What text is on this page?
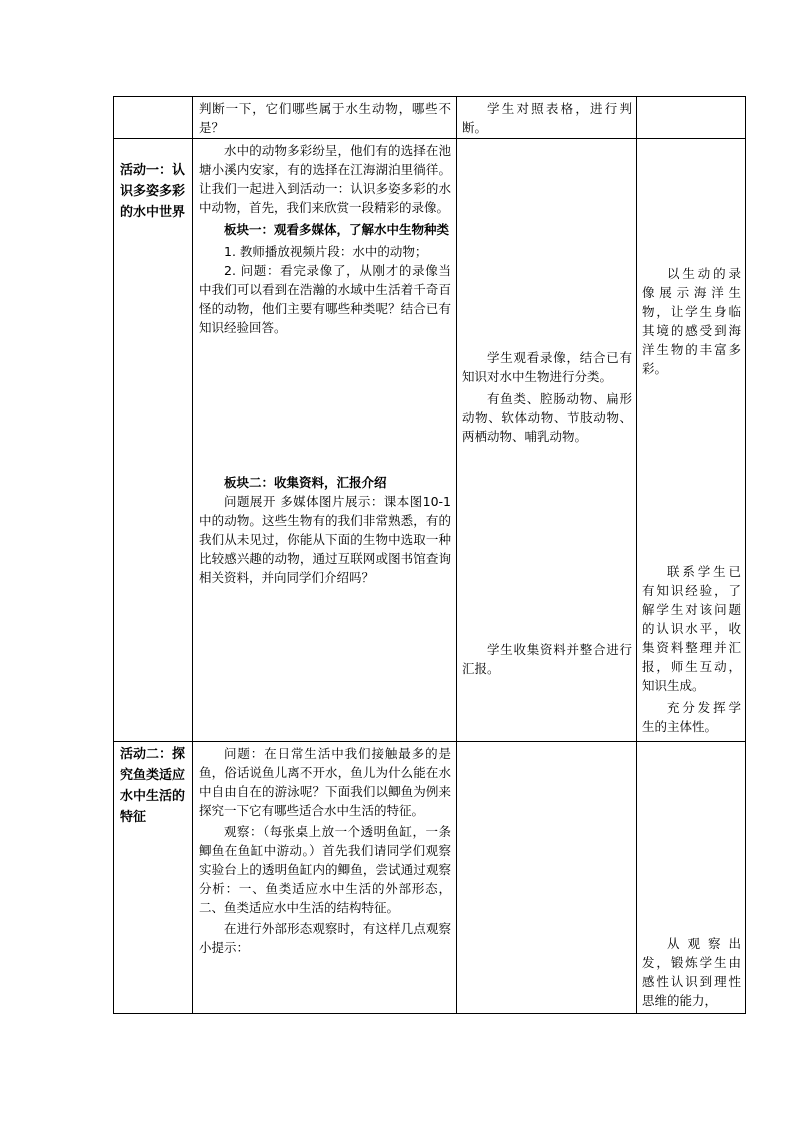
判断一下，它们哪些属于水生动物，哪些不是？

学生对照表格，进行判断。

活动一：认识多姿多彩的水中世界

水中的动物多彩纷呈，他们有的选择在池塘小溪内安家，有的选择在江海湖泊里徜徉。让我们一起进入到活动一：认识多姿多彩的水中动物，首先，我们来欣赏一段精彩的录像。

板块一：观看多媒体，了解水中生物种类

1. 教师播放视频片段：水中的动物；

2. 问题：看完录像了，从刚才的录像当中我们可以看到在浩瀚的水域中生活着千奇百怪的动物，他们主要有哪些种类呢？结合已有知识经验回答。

板块二：收集资料，汇报介绍

问题展开 多媒体图片展示：课本图10-1中的动物。这些生物有的我们非常熟悉，有的我们从未见过，你能从下面的生物中选取一种比较感兴趣的动物，通过互联网或图书馆查询相关资料，并向同学们介绍吗？

学生观看录像，结合已有知识对水中生物进行分类。

有鱼类、腔肠动物、扁形动物、软体动物、节肢动物、两栖动物、哺乳动物。

学生收集资料并整合进行汇报。

以生动的录像展示海洋生物，让学生身临其境的感受到海洋生物的丰富多彩。

联系学生已有知识经验，了解学生对该问题的认识水平，收集资料整理并汇报，师生互动，知识生成。

充分发挥学生的主体性。

活动二：探究鱼类适应水中生活的特征

问题：在日常生活中我们接触最多的是鱼，俗话说鱼儿离不开水，鱼儿为什么能在水中自由自在的游泳呢？下面我们以鲫鱼为例来探究一下它有哪些适合水中生活的特征。

观察：（每张桌上放一个透明鱼缸，一条鲫鱼在鱼缸中游动。）首先我们请同学们观察实验台上的透明鱼缸内的鲫鱼，尝试通过观察分析：一、鱼类适应水中生活的外部形态，二、鱼类适应水中生活的结构特征。

在进行外部形态观察时，有这样几点观察小提示：	从观察出发，锻炼学生由感性认识到理性思维的能力，
